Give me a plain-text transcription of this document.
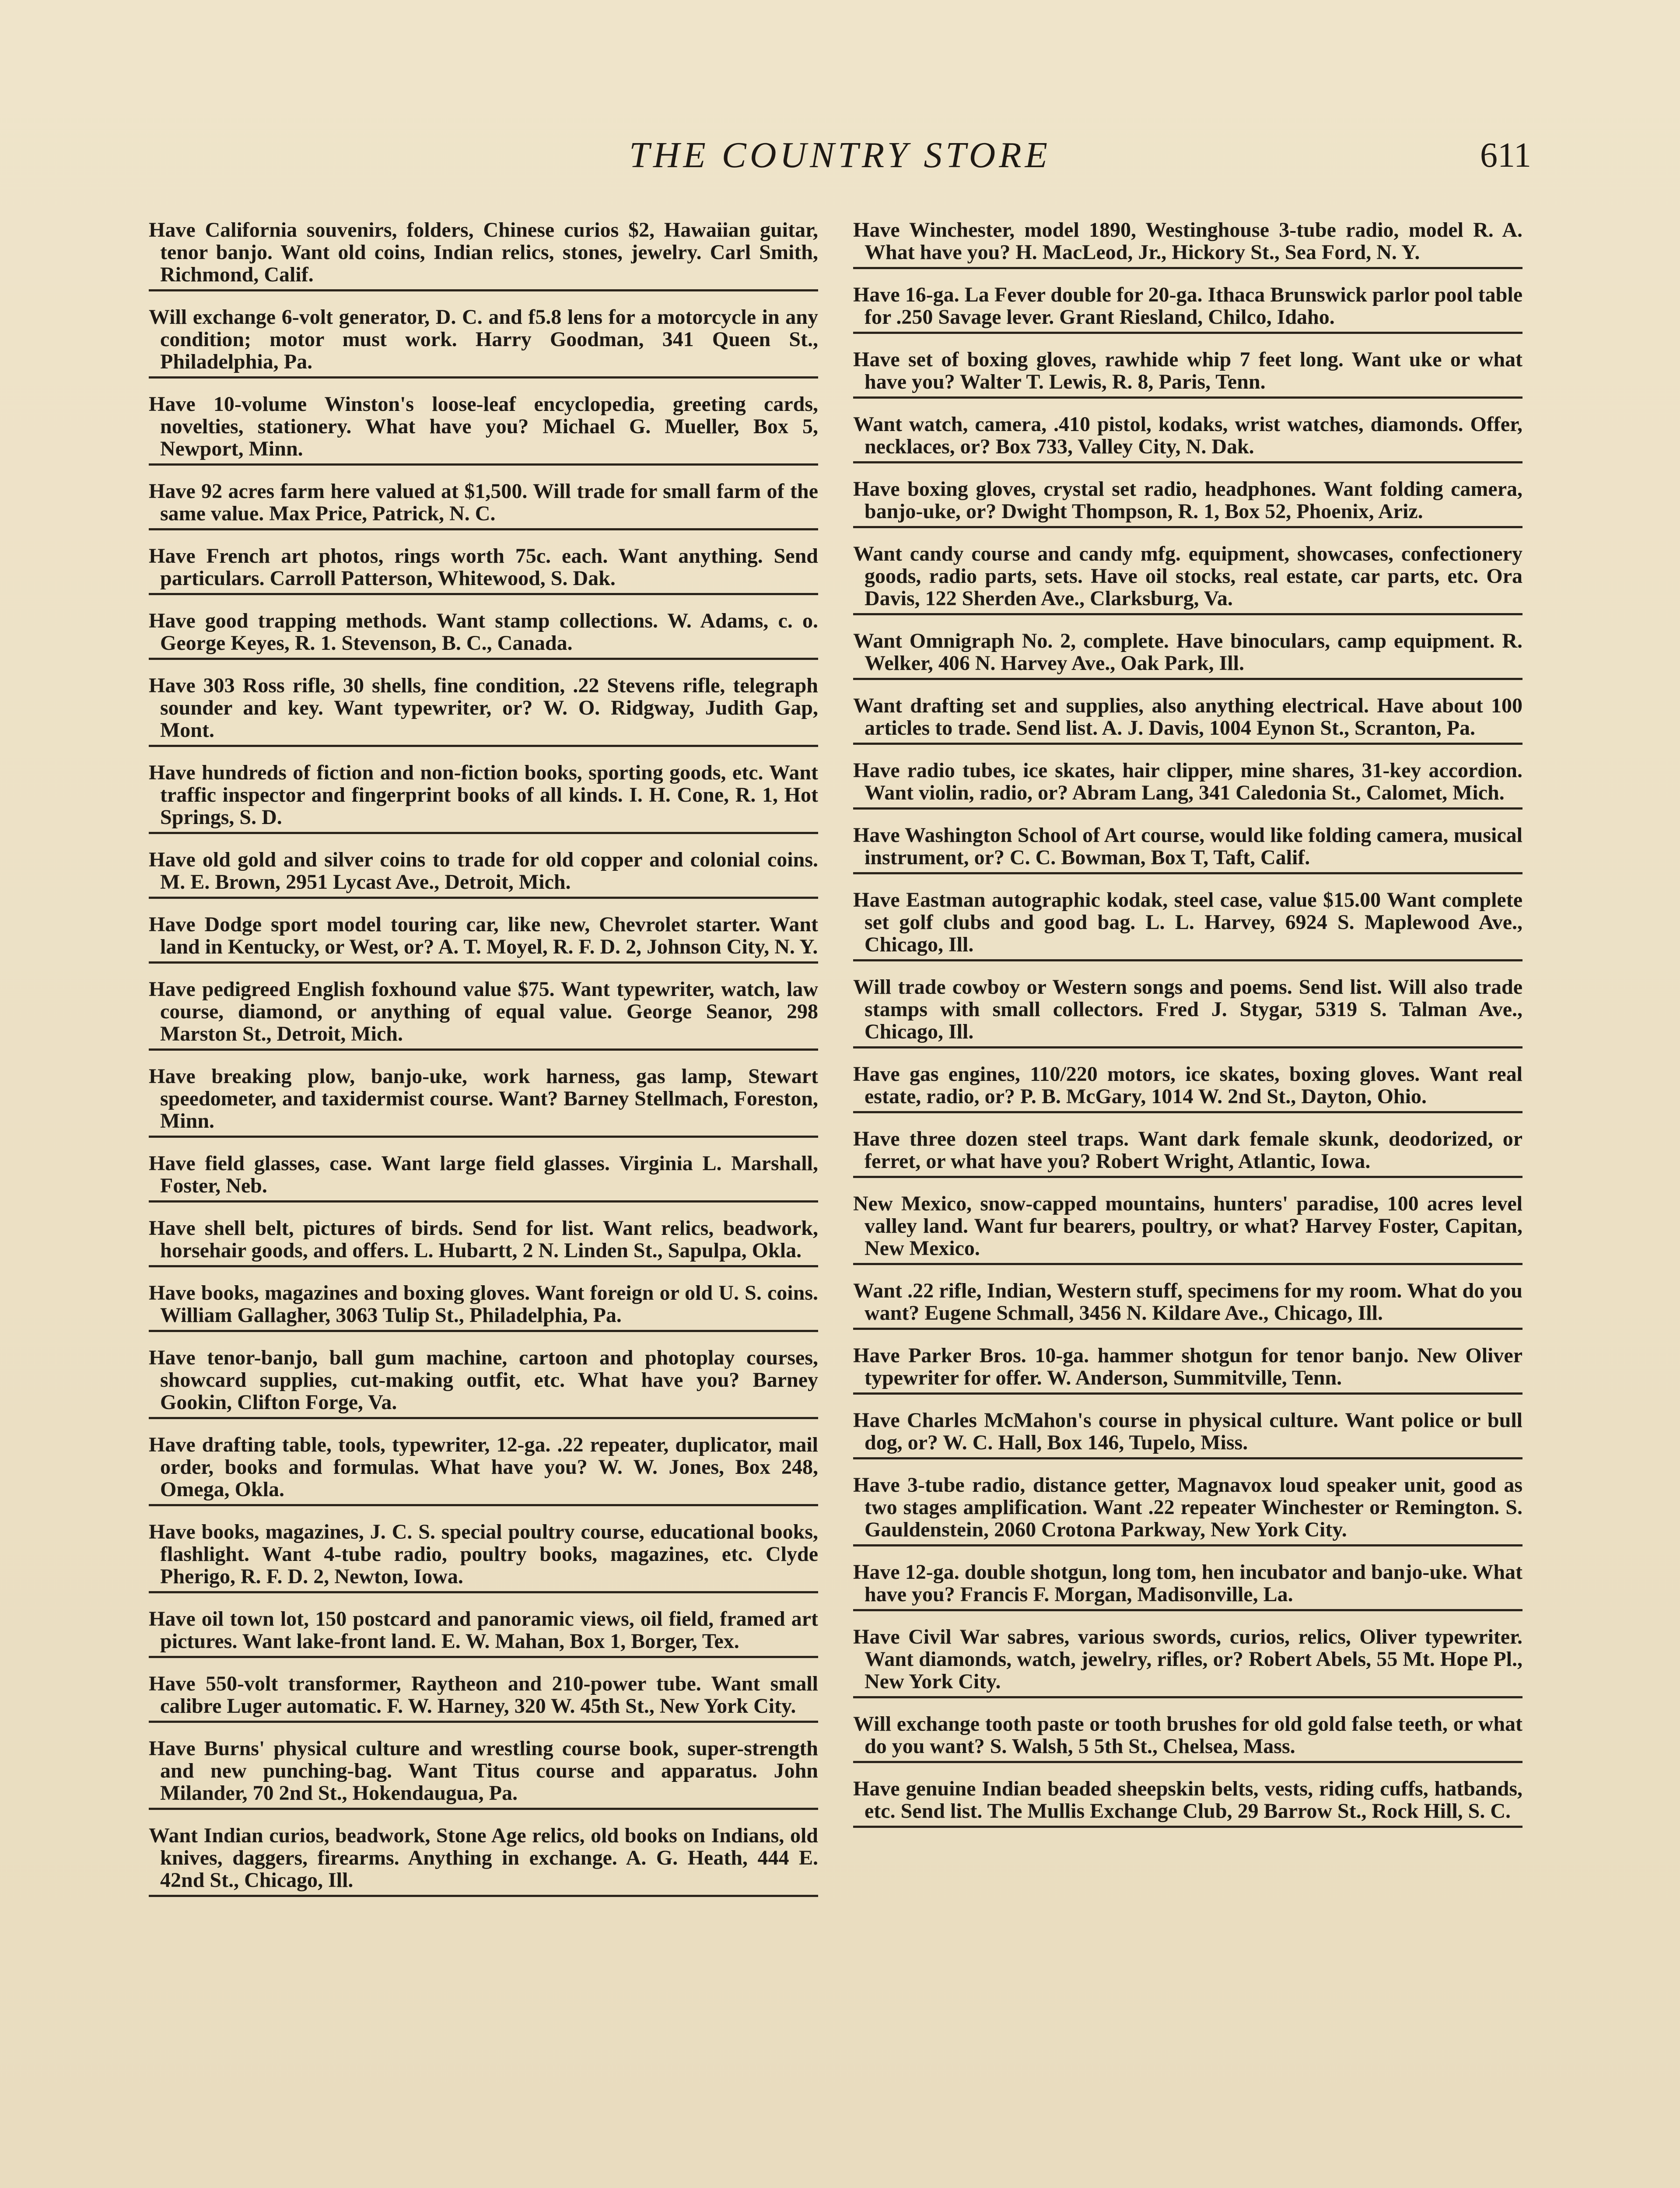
THE COUNTRY STORE	611

Have California souvenirs, folders, Chinese curios $2, Hawaiian guitar, tenor banjo. Want old coins, Indian relics, stones, jewelry. Carl Smith, Richmond, Calif.

Will exchange 6-volt generator, D. C. and f5.8 lens for a motorcycle in any condition; motor must work. Harry Goodman, 341 Queen St., Philadelphia, Pa.

Have 10-volume Winston's loose-leaf encyclopedia, greeting cards, novelties, stationery. What have you? Michael G. Mueller, Box 5, Newport, Minn.

Have 92 acres farm here valued at $1,500. Will trade for small farm of the same value. Max Price, Patrick, N. C.

Have French art photos, rings worth 75c. each. Want anything. Send particulars. Carroll Patterson, Whitewood, S. Dak.

Have good trapping methods. Want stamp collections. W. Adams, c. o. George Keyes, R. 1. Stevenson, B. C., Canada.

Have 303 Ross rifle, 30 shells, fine condition, .22 Stevens rifle, telegraph sounder and key. Want typewriter, or? W. O. Ridgway, Judith Gap, Mont.

Have hundreds of fiction and non-fiction books, sporting goods, etc. Want traffic inspector and fingerprint books of all kinds. I. H. Cone, R. 1, Hot Springs, S. D.

Have old gold and silver coins to trade for old copper and colonial coins. M. E. Brown, 2951 Lycast Ave., Detroit, Mich.

Have Dodge sport model touring car, like new, Chevrolet starter. Want land in Kentucky, or West, or? A. T. Moyel, R. F. D. 2, Johnson City, N. Y.

Have pedigreed English foxhound value $75. Want typewriter, watch, law course, diamond, or anything of equal value. George Seanor, 298 Marston St., Detroit, Mich.

Have breaking plow, banjo-uke, work harness, gas lamp, Stewart speedometer, and taxidermist course. Want? Barney Stellmach, Foreston, Minn.

Have field glasses, case. Want large field glasses. Virginia L. Marshall, Foster, Neb.

Have shell belt, pictures of birds. Send for list. Want relics, beadwork, horsehair goods, and offers. L. Hubartt, 2 N. Linden St., Sapulpa, Okla.

Have books, magazines and boxing gloves. Want foreign or old U. S. coins. William Gallagher, 3063 Tulip St., Philadelphia, Pa.

Have tenor-banjo, ball gum machine, cartoon and photoplay courses, showcard supplies, cut-making outfit, etc. What have you? Barney Gookin, Clifton Forge, Va.

Have drafting table, tools, typewriter, 12-ga. .22 repeater, duplicator, mail order, books and formulas. What have you? W. W. Jones, Box 248, Omega, Okla.

Have books, magazines, J. C. S. special poultry course, educational books, flashlight. Want 4-tube radio, poultry books, magazines, etc. Clyde Pherigo, R. F. D. 2, Newton, Iowa.

Have oil town lot, 150 postcard and panoramic views, oil field, framed art pictures. Want lake-front land. E. W. Mahan, Box 1, Borger, Tex.

Have 550-volt transformer, Raytheon and 210-power tube. Want small calibre Luger automatic. F. W. Harney, 320 W. 45th St., New York City.

Have Burns' physical culture and wrestling course book, super-strength and new punching-bag. Want Titus course and apparatus. John Milander, 70 2nd St., Hokendaugua, Pa.

Want Indian curios, beadwork, Stone Age relics, old books on Indians, old knives, daggers, firearms. Anything in exchange. A. G. Heath, 444 E. 42nd St., Chicago, Ill.

Have Winchester, model 1890, Westinghouse 3-tube radio, model R. A. What have you? H. MacLeod, Jr., Hickory St., Sea Ford, N. Y.

Have 16-ga. La Fever double for 20-ga. Ithaca Brunswick parlor pool table for .250 Savage lever. Grant Riesland, Chilco, Idaho.

Have set of boxing gloves, rawhide whip 7 feet long. Want uke or what have you? Walter T. Lewis, R. 8, Paris, Tenn.

Want watch, camera, .410 pistol, kodaks, wrist watches, diamonds. Offer, necklaces, or? Box 733, Valley City, N. Dak.

Have boxing gloves, crystal set radio, headphones. Want folding camera, banjo-uke, or? Dwight Thompson, R. 1, Box 52, Phoenix, Ariz.

Want candy course and candy mfg. equipment, showcases, confectionery goods, radio parts, sets. Have oil stocks, real estate, car parts, etc. Ora Davis, 122 Sherden Ave., Clarksburg, Va.

Want Omnigraph No. 2, complete. Have binoculars, camp equipment. R. Welker, 406 N. Harvey Ave., Oak Park, Ill.

Want drafting set and supplies, also anything electrical. Have about 100 articles to trade. Send list. A. J. Davis, 1004 Eynon St., Scranton, Pa.

Have radio tubes, ice skates, hair clipper, mine shares, 31-key accordion. Want violin, radio, or? Abram Lang, 341 Caledonia St., Calomet, Mich.

Have Washington School of Art course, would like folding camera, musical instrument, or? C. C. Bowman, Box T, Taft, Calif.

Have Eastman autographic kodak, steel case, value $15.00 Want complete set golf clubs and good bag. L. L. Harvey, 6924 S. Maplewood Ave., Chicago, Ill.

Will trade cowboy or Western songs and poems. Send list. Will also trade stamps with small collectors. Fred J. Stygar, 5319 S. Talman Ave., Chicago, Ill.

Have gas engines, 110/220 motors, ice skates, boxing gloves. Want real estate, radio, or? P. B. McGary, 1014 W. 2nd St., Dayton, Ohio.

Have three dozen steel traps. Want dark female skunk, deodorized, or ferret, or what have you? Robert Wright, Atlantic, Iowa.

New Mexico, snow-capped mountains, hunters' paradise, 100 acres level valley land. Want fur bearers, poultry, or what? Harvey Foster, Capitan, New Mexico.

Want .22 rifle, Indian, Western stuff, specimens for my room. What do you want? Eugene Schmall, 3456 N. Kildare Ave., Chicago, Ill.

Have Parker Bros. 10-ga. hammer shotgun for tenor banjo. New Oliver typewriter for offer. W. Anderson, Summitville, Tenn.

Have Charles McMahon's course in physical culture. Want police or bull dog, or? W. C. Hall, Box 146, Tupelo, Miss.

Have 3-tube radio, distance getter, Magnavox loud speaker unit, good as two stages amplification. Want .22 repeater Winchester or Remington. S. Gauldenstein, 2060 Crotona Parkway, New York City.

Have 12-ga. double shotgun, long tom, hen incubator and banjo-uke. What have you? Francis F. Morgan, Madisonville, La.

Have Civil War sabres, various swords, curios, relics, Oliver typewriter. Want diamonds, watch, jewelry, rifles, or? Robert Abels, 55 Mt. Hope Pl., New York City.

Will exchange tooth paste or tooth brushes for old gold false teeth, or what do you want? S. Walsh, 5 5th St., Chelsea, Mass.

Have genuine Indian beaded sheepskin belts, vests, riding cuffs, hatbands, etc. Send list. The Mullis Exchange Club, 29 Barrow St., Rock Hill, S. C.
